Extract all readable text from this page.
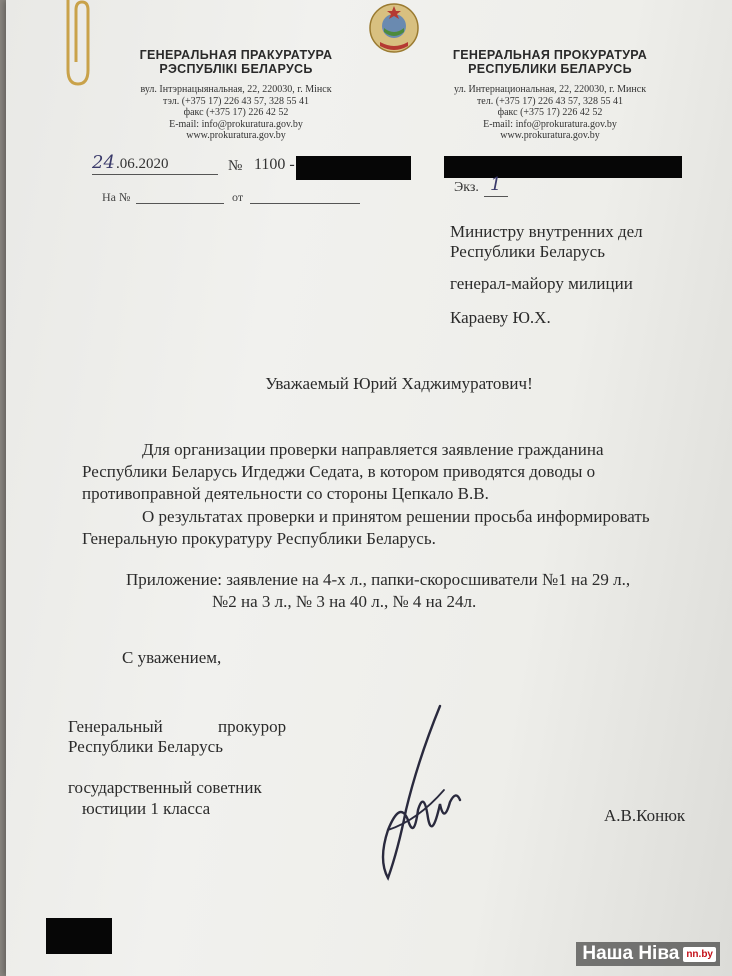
ГЕНЕРАЛЬНАЯ ПРАКУРАТУРА
РЭСПУБЛІКІ БЕЛАРУСЬ
вул. Інтэрнацыянальная, 22, 220030, г. Мінск
тэл. (+375 17) 226 43 57, 328 55 41
факс (+375 17) 226 42 52
E-mail: info@prokuratura.gov.by
www.prokuratura.gov.by
ГЕНЕРАЛЬНАЯ ПРОКУРАТУРА
РЕСПУБЛИКИ БЕЛАРУСЬ
ул. Интернациональная, 22, 220030, г. Минск
тел. (+375 17) 226 43 57, 328 55 41
факс (+375 17) 226 42 52
E-mail: info@prokuratura.gov.by
www.prokuratura.gov.by
24 .06.2020	№ 1100 -
На №	от
Экз. 1
Министру внутренних дел
Республики Беларусь
генерал-майору милиции
Караеву Ю.Х.
Уважаемый Юрий Хаджимуратович!
Для организации проверки направляется заявление гражданина
Республики Беларусь Игдеджи Седата, в котором приводятся доводы о
противоправной деятельности со стороны Цепкало В.В.
О результатах проверки и принятом решении просьба информировать
Генеральную прокуратуру Республики Беларусь.
Приложение: заявление на 4-х л., папки-скоросшиватели №1 на 29 л.,
№2 на 3 л., № 3 на 40 л., № 4 на 24л.
С уважением,
Генеральный	прокурор
Республики Беларусь
государственный советник
юстиции 1 класса	А.В.Конюк
Наша Ніва nn.by
